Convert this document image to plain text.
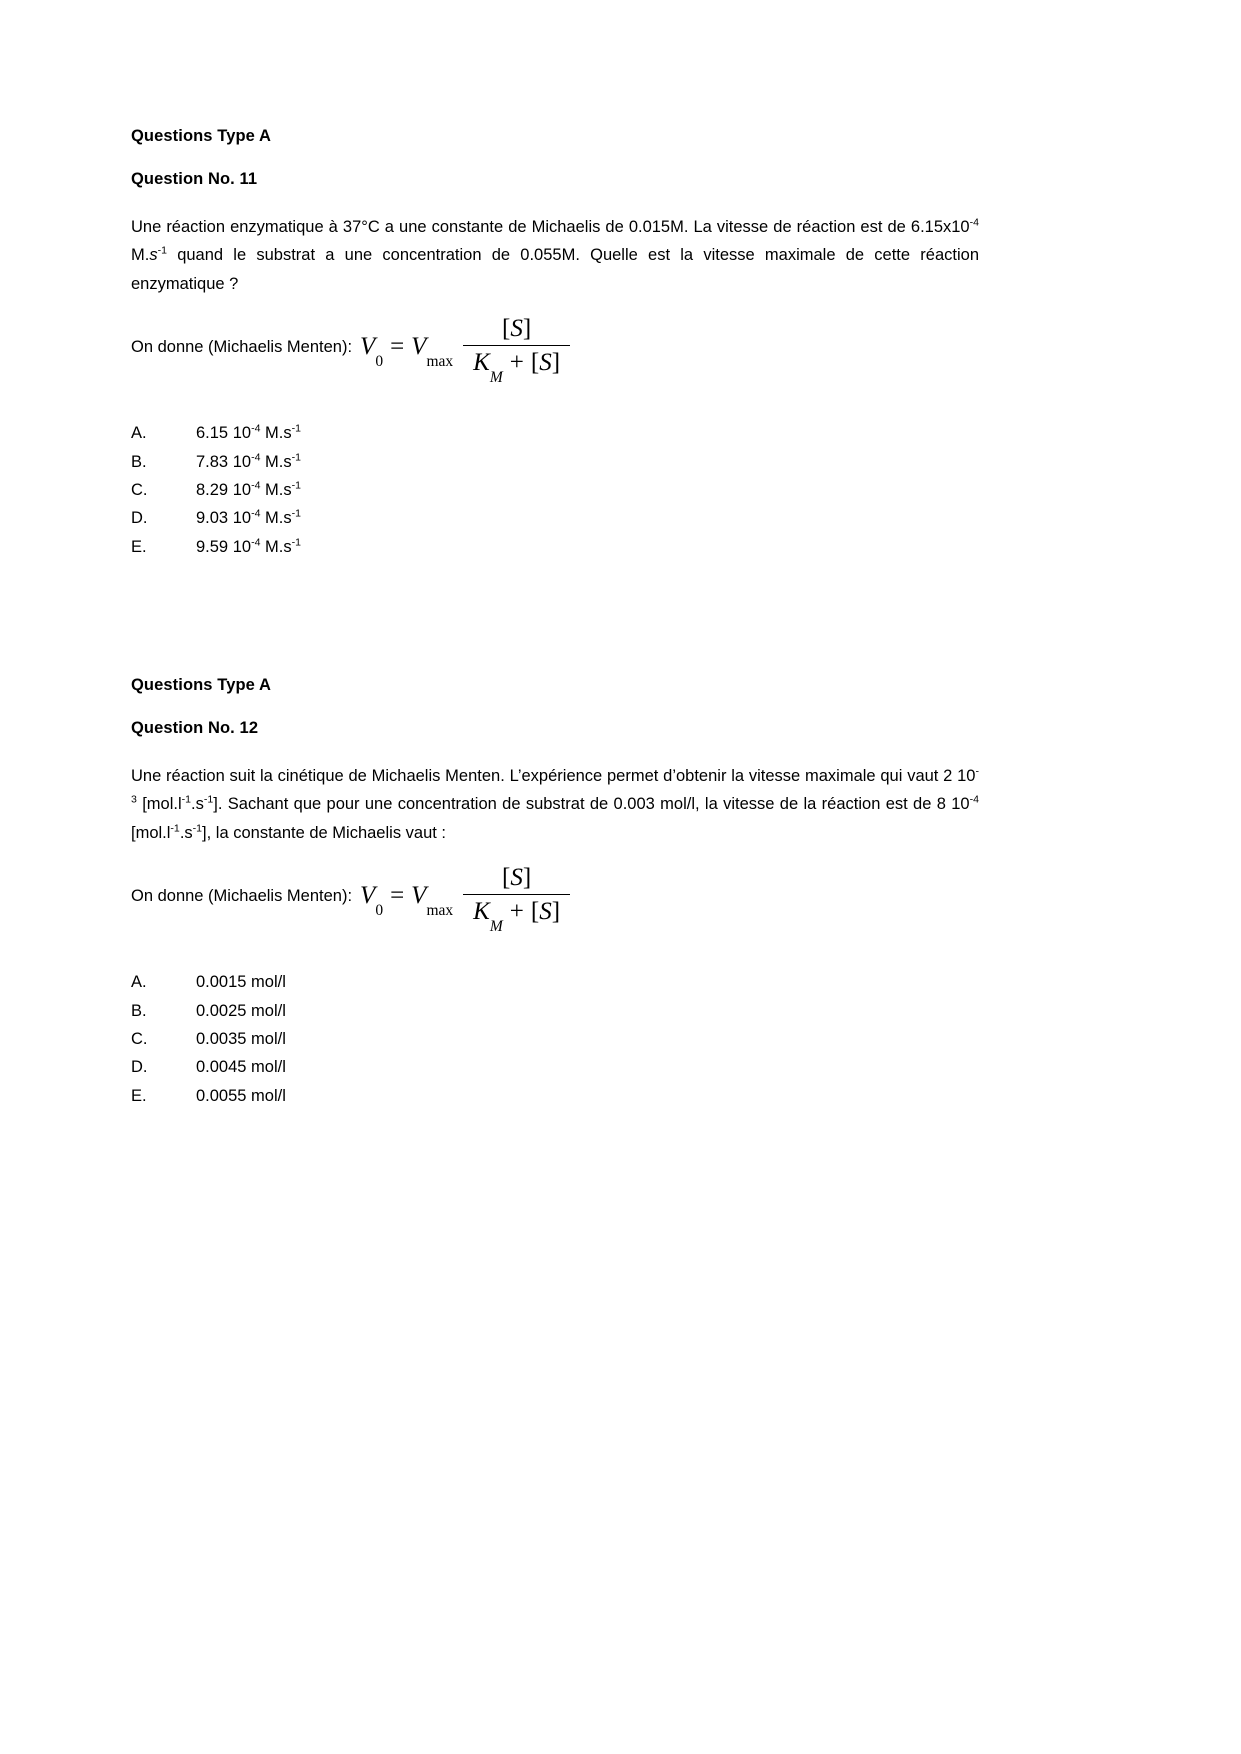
Questions Type A
Question No. 11

Une réaction enzymatique à 37°C a une constante de Michaelis de 0.015M. La vitesse de réaction est de $6.15x10^{-4}$ $M.s^{-1}$ quand le substrat a une concentration de 0.055M. Quelle est la vitesse maximale de cette réaction enzymatique ?

On donne (Michaelis Menten): $V_0$
= $V_{max} \frac{[S]}{K_M+ [S]}$
A.	6.15 $10^{-4}$ $M.s^{-1}$
B.	7.83 $10^{-4}$ $M.s^{-1}$
C.	8.29 $10^{-4}$ $M.s^{-1}$
D.	9.03 $10^{-4}$ $M.s^{-1}$
E.	9.59 $10^{-4}$ $M.s^{-1}$
Questions Type A
Question No. 12

Une réaction suit la cinétique de Michaelis Menten. L’expérience permet d’obtenir la vitesse maximale qui vaut 2 $10^{-3}$ $[mol.l^{-1}.s^{-1}]$. Sachant que pour une concentration de substrat de 0.003 mol/l, la vitesse de la réaction est de 8 $10^{-4}$ $[mol.l^{-1}.s^{-1}]$, la constante de Michaelis vaut :

On donne (Michaelis Menten): $V_0$
= $V_{max} \frac{[S]}{K_M+ [S]}$
A.	0.0015 mol/l
B.	0.0025 mol/l
C.	0.0035 mol/l
D.	0.0045 mol/l
E.	0.0055 mol/l
